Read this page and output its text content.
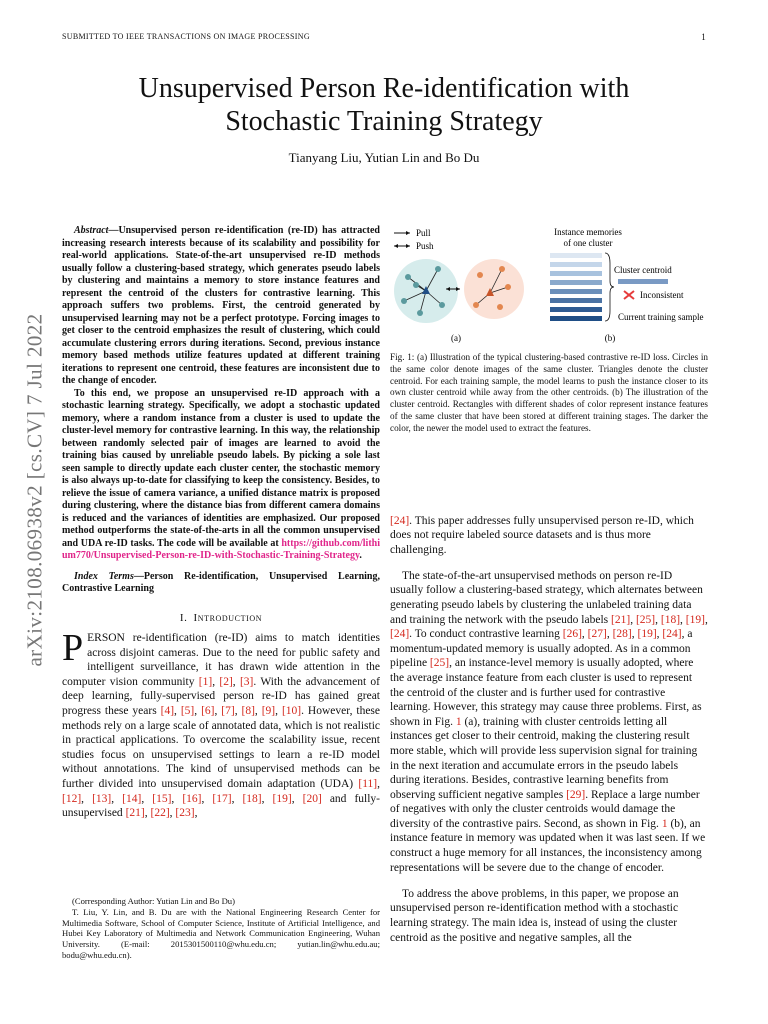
SUBMITTED TO IEEE TRANSACTIONS ON IMAGE PROCESSING	1
arXiv:2108.06938v2 [cs.CV] 7 Jul 2022
Unsupervised Person Re-identification with
Stochastic Training Strategy
Tianyang Liu, Yutian Lin and Bo Du

Abstract—Unsupervised person re-identification (re-ID) has attracted increasing research interests because of its scalability and possibility for real-world applications. State-of-the-art unsupervised re-ID methods usually follow a clustering-based strategy, which generates pseudo labels by clustering and maintains a memory to store instance features and represent the centroid of the clusters for contrastive learning. This approach suffers two problems. First, the centroid generated by unsupervised learning may not be a perfect prototype. Forcing images to get closer to the centroid emphasizes the result of clustering, which could accumulate clustering errors during iterations. Second, previous instance memory based methods utilize features updated at different training iterations to represent one centroid, these features are inconsistent due to the change of encoder.

To this end, we propose an unsupervised re-ID approach with a stochastic learning strategy. Specifically, we adopt a stochastic updated memory, where a random instance from a cluster is used to update the cluster-level memory for contrastive learning. In this way, the relationship between randomly selected pair of images are learned to avoid the training bias caused by unreliable pseudo labels. By picking a sole last seen sample to directly update each cluster center, the stochastic memory is also always up-to-date for classifying to keep the consistency. Besides, to relieve the issue of camera variance, a unified distance matrix is proposed during clustering, where the distance bias from different camera domains is reduced and the variances of identities are emphasized. Our proposed method outperforms the state-of-the-arts in all the common unsupervised and UDA re-ID tasks. The code will be available at https://github.com/lithium770/Unsupervised-Person-re-ID-with-Stochastic-Training-Strategy.

Index Terms—Person Re-identification, Unsupervised Learning, Contrastive Learning

I. Introduction

PERSON re-identification (re-ID) aims to match identities across disjoint cameras. Due to the need for public safety and intelligent surveillance, it has drawn wide attention in the computer vision community [1], [2], [3]. With the advancement of deep learning, fully-supervised person re-ID has gained great progress these years [4], [5], [6], [7], [8], [9], [10]. However, these methods rely on a large scale of annotated data, which is not realistic in practical applications. To overcome the scalability issue, recent studies focus on unsupervised settings to learn a re-ID model without annotations. The kind of unsupervised methods can be further divided into unsupervised domain adaptation (UDA) [11], [12], [13], [14], [15], [16], [17], [18], [19], [20] and fully-unsupervised [21], [22], [23],

(Corresponding Author: Yutian Lin and Bo Du)
T. Liu, Y. Lin, and B. Du are with the National Engineering Research Center for Multimedia Software, School of Computer Science, Institute of Artificial Intelligence, and Hubei Key Laboratory of Multimedia and Network Communication Engineering, Wuhan University. (E-mail: 2015301500110@whu.edu.cn; yutian.lin@whu.edu.au; bodu@whu.edu.cn).
Pull
Push
(a)
Instance memories
of one cluster
Cluster centroid
Inconsistent
Current training sample
(b)
Fig. 1: (a) Illustration of the typical clustering-based contrastive re-ID loss. Circles in the same color denote images of the same cluster. Triangles denote the cluster centroid. For each training sample, the model learns to push the instance closer to its own cluster centroid while away from the other centroids. (b) The illustration of the cluster centroid. Rectangles with different shades of color represent instance features of the same cluster that have been stored at different training stages. The darker the color, the newer the model used to extract the features.

[24]. This paper addresses fully unsupervised person re-ID, which does not require labeled source datasets and is thus more challenging.

The state-of-the-art unsupervised methods on person re-ID usually follow a clustering-based strategy, which alternates between generating pseudo labels by clustering the unlabeled training data and training the network with the pseudo labels [21], [25], [18], [19], [24]. To conduct contrastive learning [26], [27], [28], [19], [24], a momentum-updated memory is usually adopted. As in a common pipeline [25], an instance-level memory is usually adopted, where the average instance feature from each cluster is used to represent the centroid of the cluster and is further used for contrastive learning. However, this strategy may cause three problems. First, as shown in Fig. 1 (a), training with cluster centroids letting all instances get closer to their centroid, making the clustering result more stable, which will provide less supervision signal for training in the next iteration and accumulate errors in the pseudo labels during iterations. Besides, contrastive learning benefits from observing sufficient negative samples [29]. Replace a large number of negatives with only the cluster centroids would damage the diversity of the contrastive pairs. Second, as shown in Fig. 1 (b), an instance feature in memory was updated when it was last seen. If we construct a huge memory for all instances, the inconsistency among representations will be severe due to the change of encoder.

To address the above problems, in this paper, we propose an unsupervised person re-identification method with a stochastic learning strategy. The main idea is, instead of using the cluster centroid as the positive and negative samples, all the
